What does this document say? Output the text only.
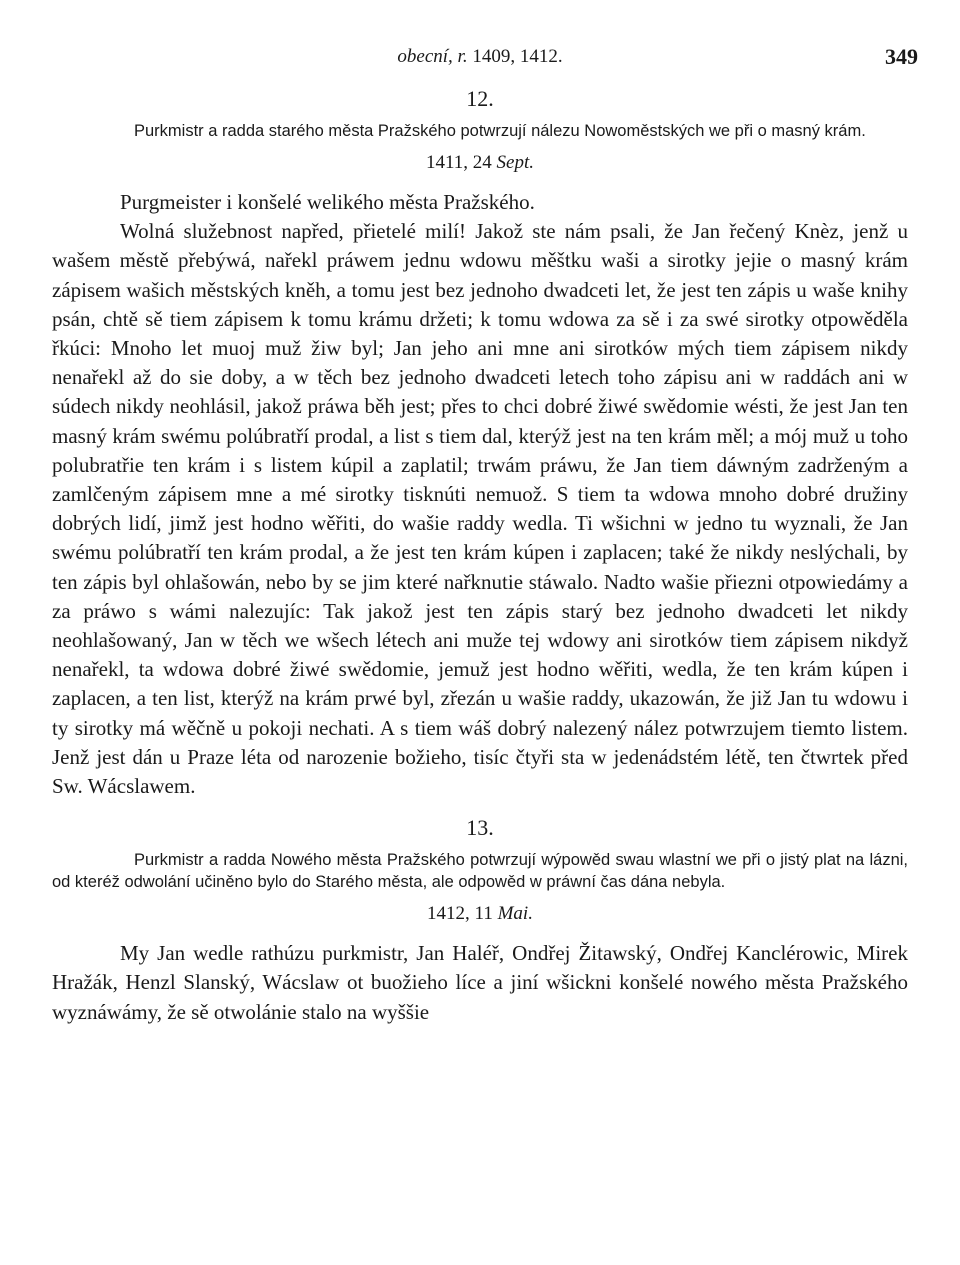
obecní, r. 1409, 1412.	349
12.

Purkmistr a radda starého města Pražského potwrzují nálezu Nowoměstských we při o masný krám.

1411, 24 Sept.

Purgmeister i konšelé welikého města Pražského.

Wolná služebnost napřed, přietelé milí! Jakož ste nám psali, že Jan řečený Knèz, jenž u wašem městě přebýwá, nařekl práwem jednu wdowu měštku waši a sirotky jejie o masný krám zápisem wašich městských kněh, a tomu jest bez jednoho dwadceti let, že jest ten zápis u waše knihy psán, chtě sě tiem zápisem k tomu krámu držeti; k tomu wdowa za sě i za swé sirotky otpowěděla řkúci: Mnoho let muoj muž žiw byl; Jan jeho ani mne ani sirotków mých tiem zápisem nikdy nenařekl až do sie doby, a w těch bez jednoho dwadceti letech toho zápisu ani w raddách ani w súdech nikdy neohlásil, jakož práwa běh jest; přes to chci dobré žiwé swědomie wésti, že jest Jan ten masný krám swému polúbratří prodal, a list s tiem dal, kterýž jest na ten krám měl; a mój muž u toho polubratřie ten krám i s listem kúpil a zaplatil; trwám práwu, že Jan tiem dáwným zadrženým a zamlčeným zápisem mne a mé sirotky tisknúti nemuož. S tiem ta wdowa mnoho dobré družiny dobrých lidí, jimž jest hodno wěřiti, do wašie raddy wedla. Ti wšichni w jedno tu wyznali, že Jan swému polúbratří ten krám prodal, a že jest ten krám kúpen i zaplacen; také že nikdy neslýchali, by ten zápis byl ohlašowán, nebo by se jim které nařknutie stáwalo. Nadto wašie přiezni otpowiedámy a za práwo s wámi nalezujíc: Tak jakož jest ten zápis starý bez jednoho dwadceti let nikdy neohlašowaný, Jan w těch we wšech létech ani muže tej wdowy ani sirotków tiem zápisem nikdyž nenařekl, ta wdowa dobré žiwé swědomie, jemuž jest hodno wěřiti, wedla, že ten krám kúpen i zaplacen, a ten list, kterýž na krám prwé byl, zřezán u wašie raddy, ukazowán, že již Jan tu wdowu i ty sirotky má wěčně u pokoji nechati. A s tiem wáš dobrý nalezený nález potwrzujem tiemto listem. Jenž jest dán u Praze léta od narozenie božieho, tisíc čtyři sta w jedenádstém létě, ten čtwrtek před Sw. Wácslawem.

13.

Purkmistr a radda Nowého města Pražského potwrzují wýpowěd swau wlastní we při o jistý plat na lázni, od kteréž odwolání učiněno bylo do Starého města, ale odpowěd w práwní čas dána nebyla.

1412, 11 Mai.

My Jan wedle rathúzu purkmistr, Jan Haléř, Ondřej Žitawský, Ondřej Kanclérowic, Mirek Hražák, Henzl Slanský, Wácslaw ot buožieho líce a jiní wšickni konšelé nowého města Pražského wyznáwámy, že sě otwolánie stalo na wyššie
